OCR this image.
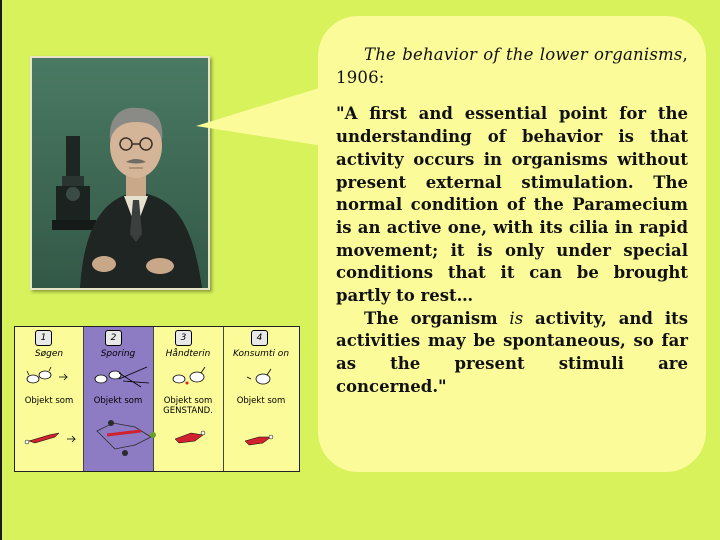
The behavior of the lower organisms, 1906:

"A first and essential point for the understanding of behavior is that activity occurs in organisms without present external stimulation. The normal condition of the Paramecium is an active one, with its cilia in rapid movement; it is only under special conditions that it can be brought partly to rest…

The organism is activity, and its activities may be spontaneous, so far as the present stimuli are concerned."

1
Søgen
Objekt som
2
Sporing
Objekt som
3
Håndterin
Objekt som GENSTAND.
4
Konsumti on
Objekt som
